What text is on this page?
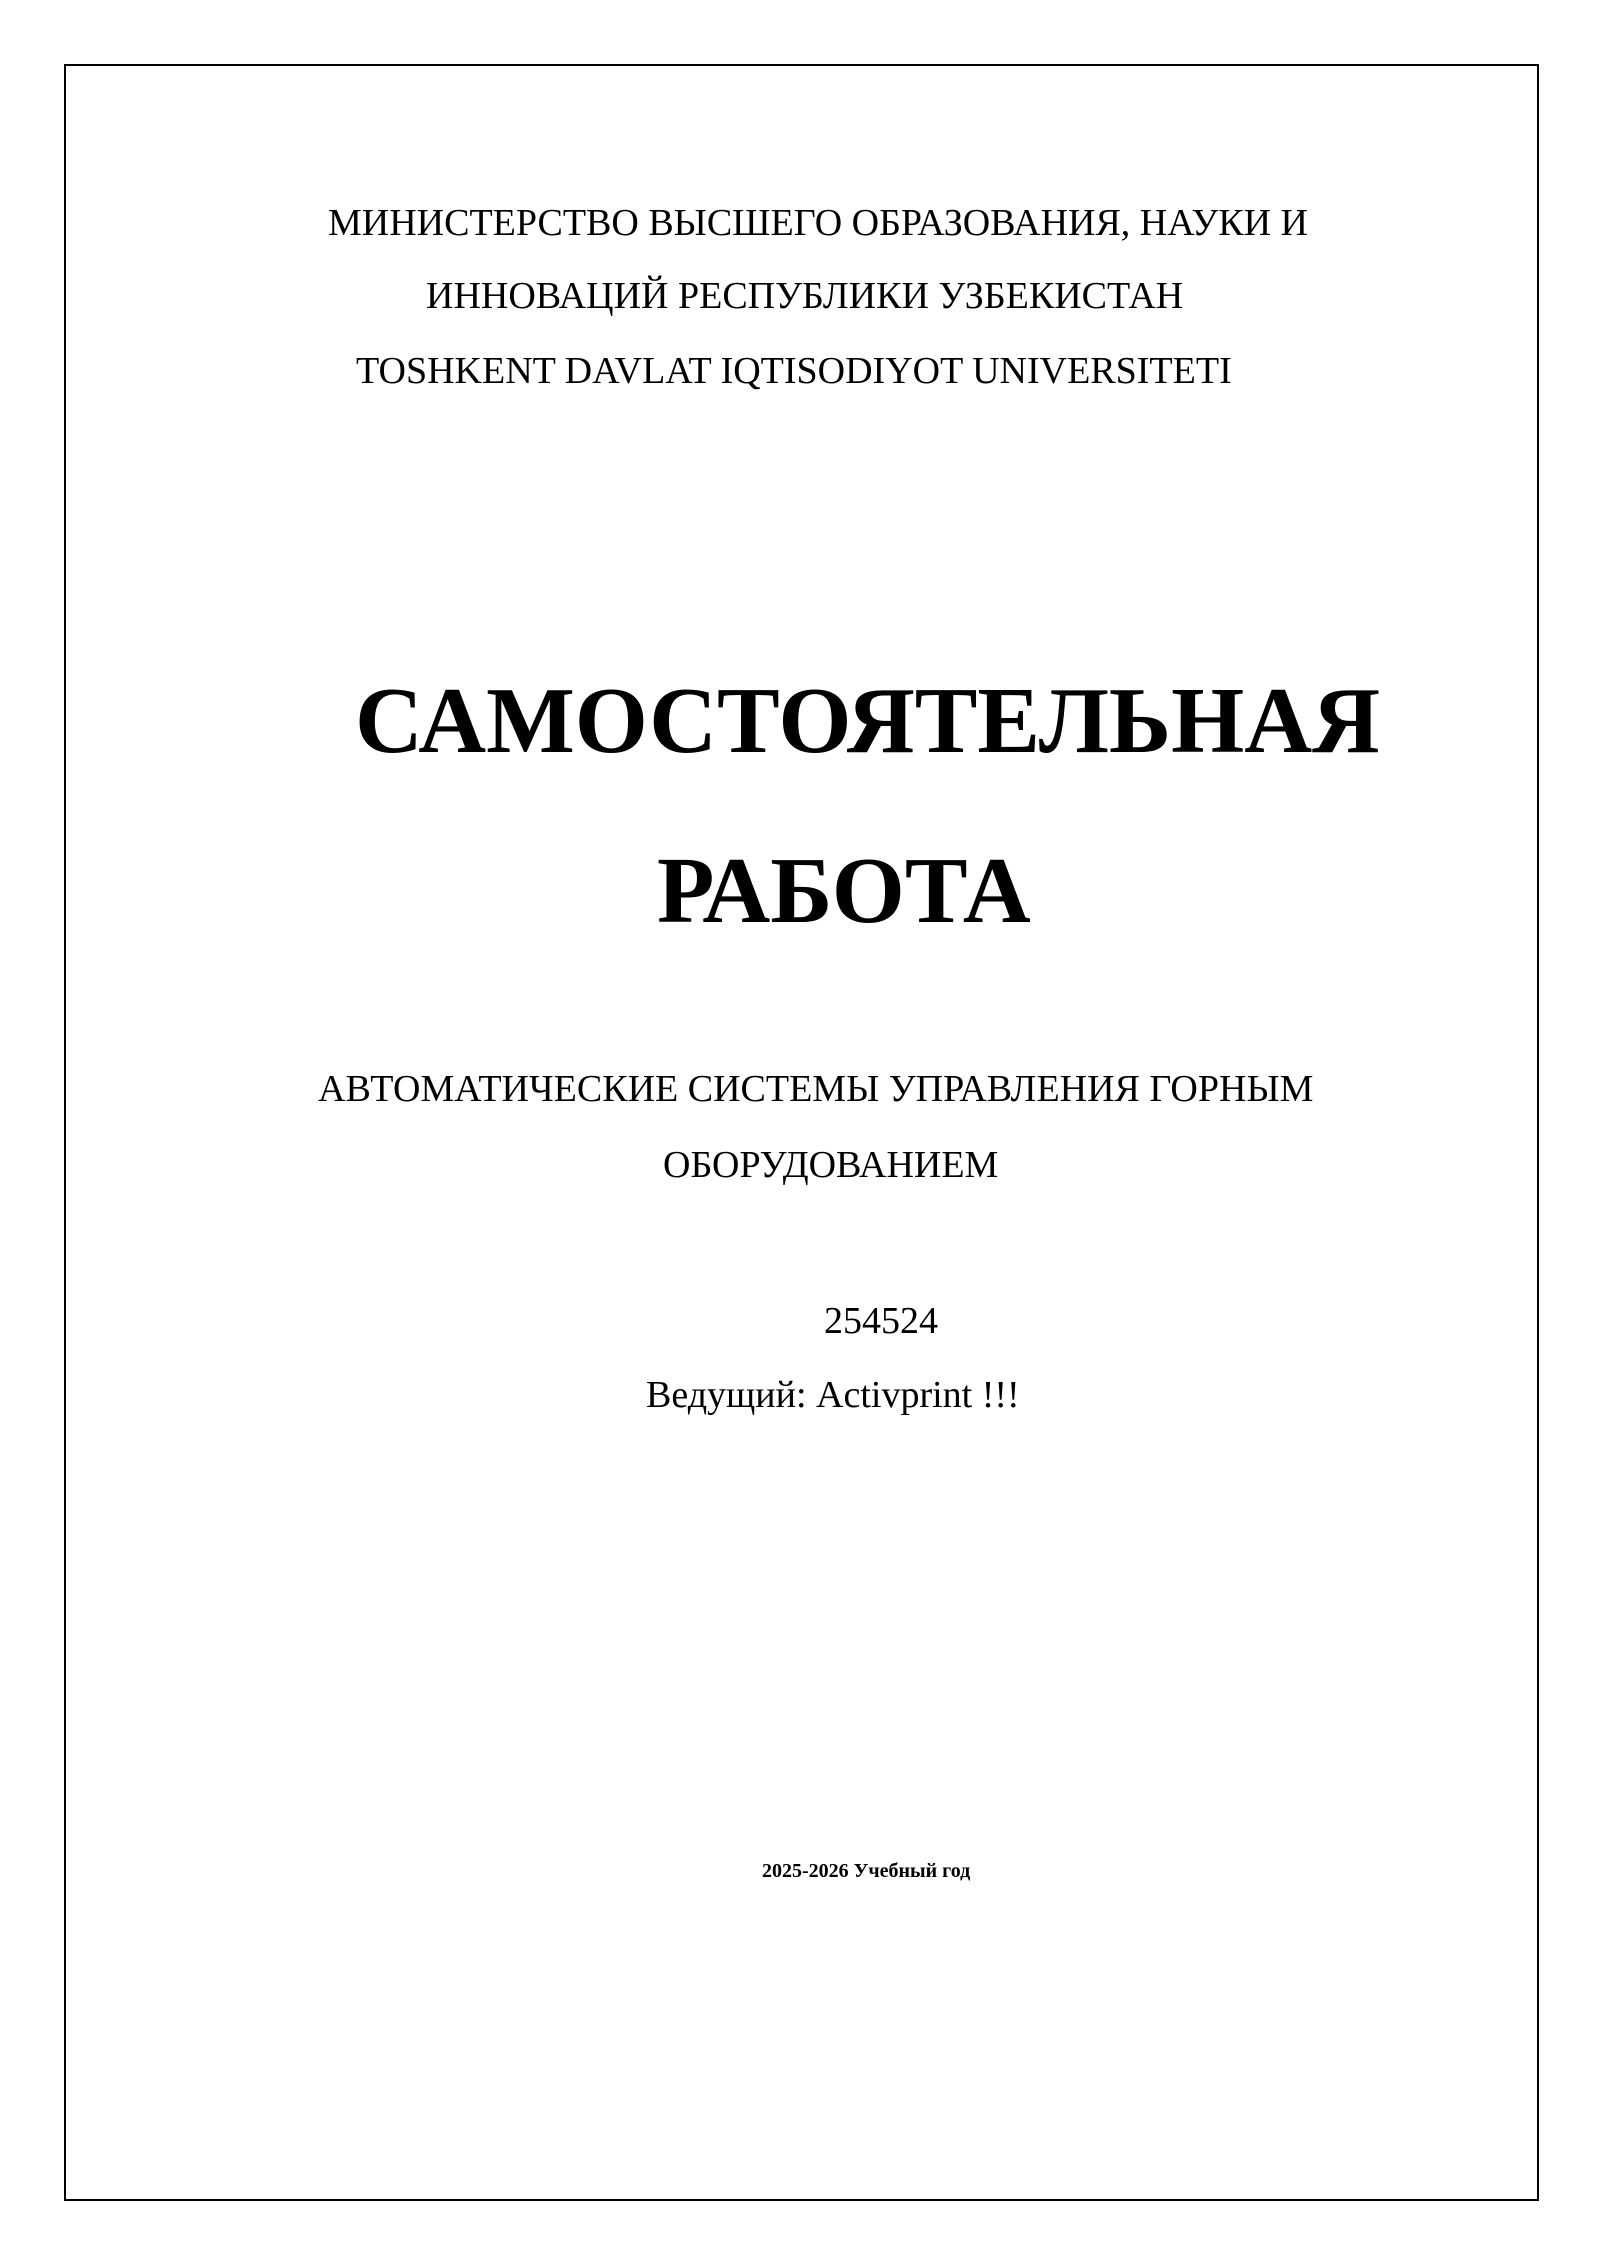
МИНИСТЕРСТВО ВЫСШЕГО ОБРАЗОВАНИЯ, НАУКИ И
ИННОВАЦИЙ РЕСПУБЛИКИ УЗБЕКИСТАН
TOSHKENT DAVLAT IQTISODIYOT UNIVERSITETI
САМОСТОЯТЕЛЬНАЯ
РАБОТА
АВТОМАТИЧЕСКИЕ СИСТЕМЫ УПРАВЛЕНИЯ ГОРНЫМ
ОБОРУДОВАНИЕМ
254524
Ведущий: Activprint !!!
2025-2026 Учебный год
